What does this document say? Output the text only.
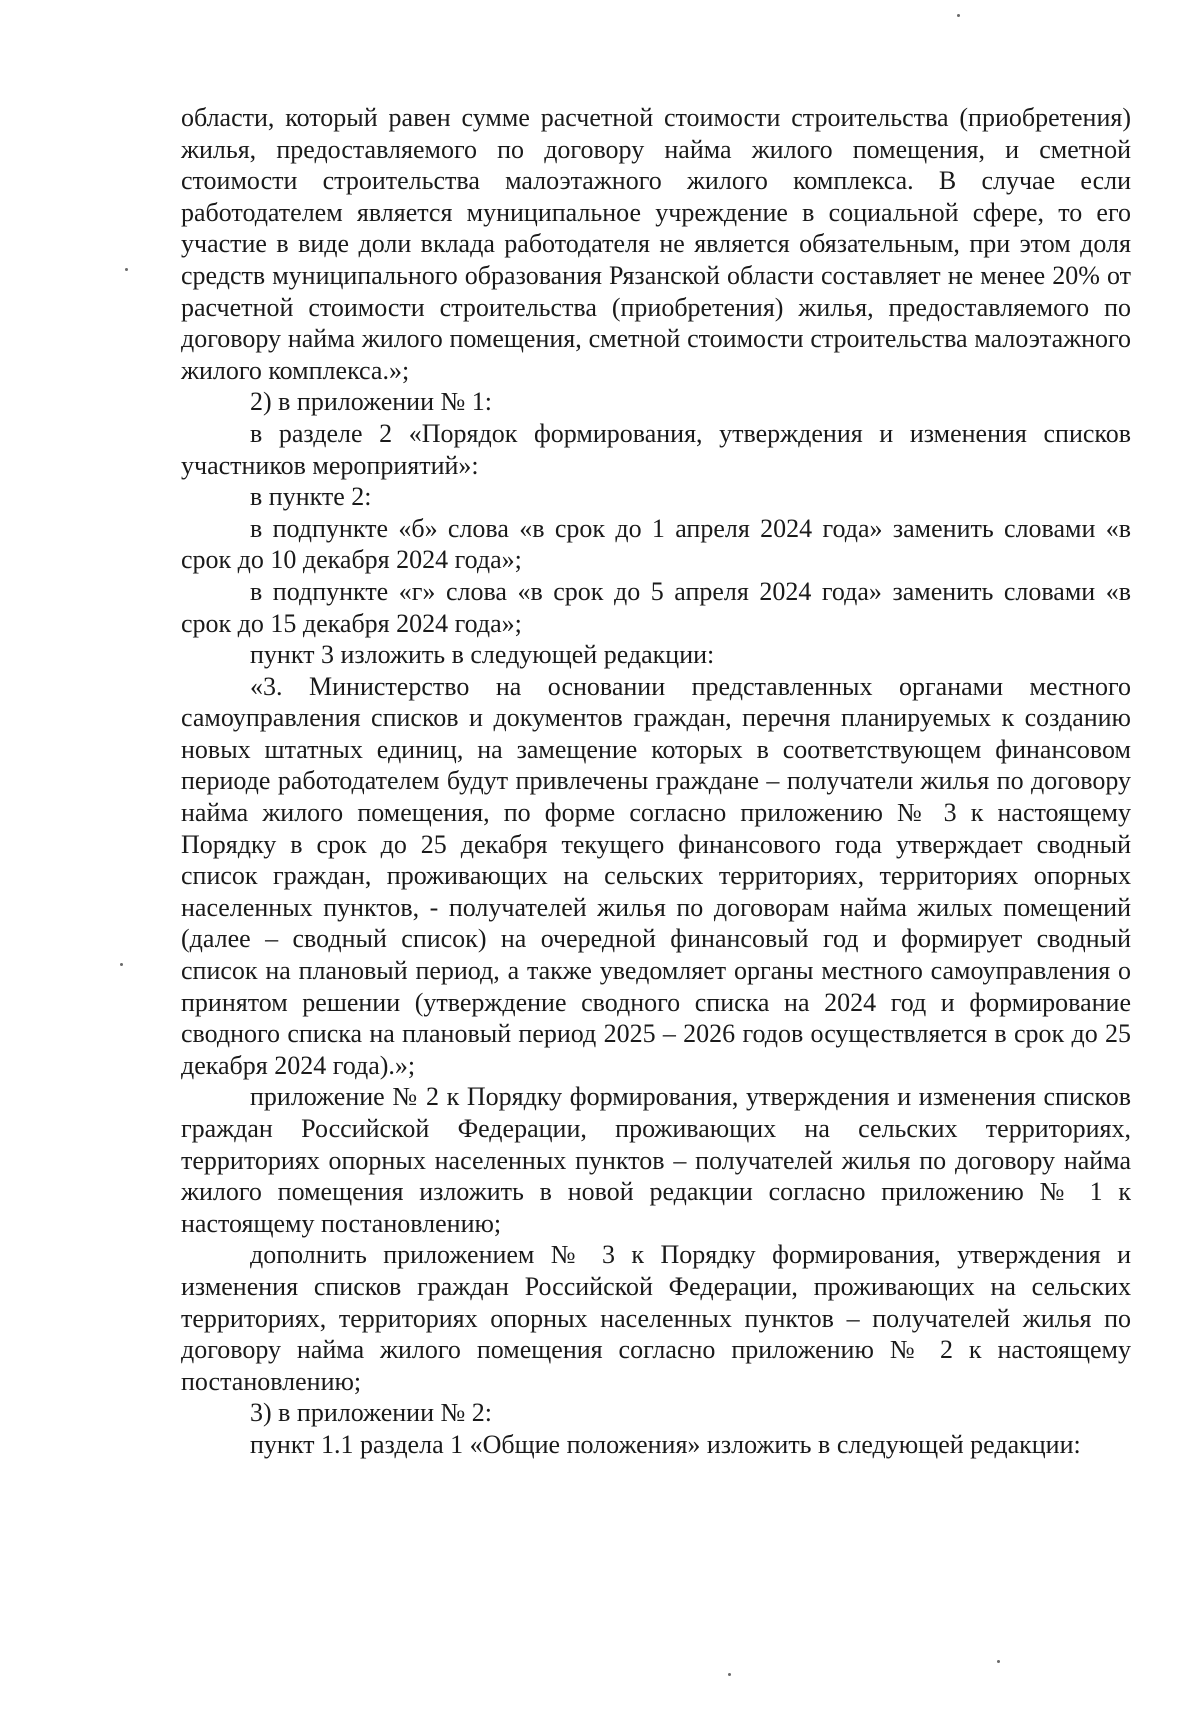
области, который равен сумме расчетной стоимости строительства (приобретения) жилья, предоставляемого по договору найма жилого помещения, и сметной стоимости строительства малоэтажного жилого комплекса. В случае если работодателем является муниципальное учреждение в социальной сфере, то его участие в виде доли вклада работодателя не является обязательным, при этом доля средств муниципального образования Рязанской области составляет не менее 20% от расчетной стоимости строительства (приобретения) жилья, предоставляемого по договору найма жилого помещения, сметной стоимости строительства малоэтажного жилого комплекса.»;

2) в приложении № 1:

в разделе 2 «Порядок формирования, утверждения и изменения списков участников мероприятий»:

в пункте 2:

в подпункте «б» слова «в срок до 1 апреля 2024 года» заменить словами «в срок до 10 декабря 2024 года»;

в подпункте «г» слова «в срок до 5 апреля 2024 года» заменить словами «в срок до 15 декабря 2024 года»;

пункт 3 изложить в следующей редакции:

«3. Министерство на основании представленных органами местного самоуправления списков и документов граждан, перечня планируемых к созданию новых штатных единиц, на замещение которых в соответствующем финансовом периоде работодателем будут привлечены граждане – получатели жилья по договору найма жилого помещения, по форме согласно приложению № 3 к настоящему Порядку в срок до 25 декабря текущего финансового года утверждает сводный список граждан, проживающих на сельских территориях, территориях опорных населенных пунктов, - получателей жилья по договорам найма жилых помещений (далее – сводный список) на очередной финансовый год и формирует сводный список на плановый период, а также уведомляет органы местного самоуправления о принятом решении (утверждение сводного списка на 2024 год и формирование сводного списка на плановый период 2025 – 2026 годов осуществляется в срок до 25 декабря 2024 года).»;

приложение № 2 к Порядку формирования, утверждения и изменения списков граждан Российской Федерации, проживающих на сельских территориях, территориях опорных населенных пунктов – получателей жилья по договору найма жилого помещения изложить в новой редакции согласно приложению № 1 к настоящему постановлению;

дополнить приложением № 3 к Порядку формирования, утверждения и изменения списков граждан Российской Федерации, проживающих на сельских территориях, территориях опорных населенных пунктов – получателей жилья по договору найма жилого помещения согласно приложению № 2 к настоящему постановлению;

3) в приложении № 2:

пункт 1.1 раздела 1 «Общие положения» изложить в следующей редакции:
